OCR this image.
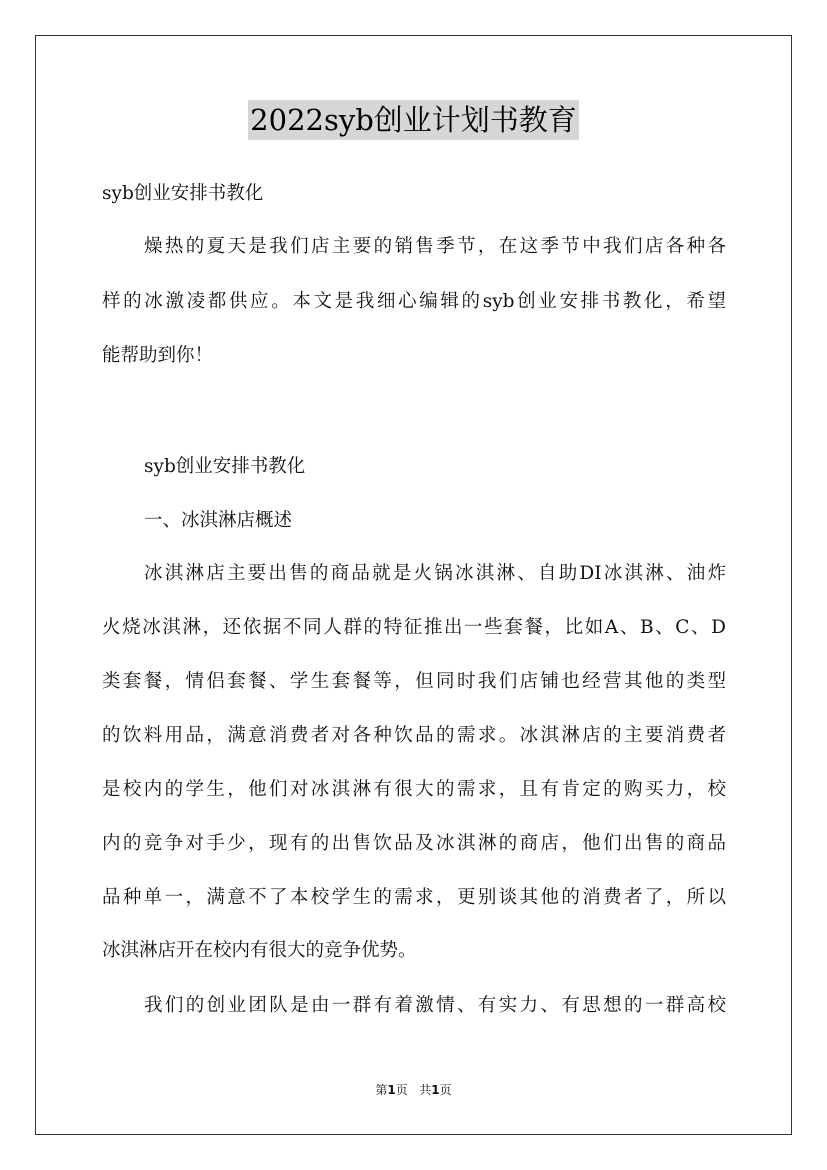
2022syb创业计划书教育
syb创业安排书教化
燥热的夏天是我们店主要的销售季节，在这季节中我们店各种各
样的冰激凌都供应。本文是我细心编辑的syb创业安排书教化，希望
能帮助到你！
syb创业安排书教化
一、冰淇淋店概述
冰淇淋店主要出售的商品就是火锅冰淇淋、自助DI冰淇淋、油炸
火烧冰淇淋，还依据不同人群的特征推出一些套餐，比如A、B、C、D
类套餐，情侣套餐、学生套餐等，但同时我们店铺也经营其他的类型
的饮料用品，满意消费者对各种饮品的需求。冰淇淋店的主要消费者
是校内的学生，他们对冰淇淋有很大的需求，且有肯定的购买力，校
内的竞争对手少，现有的出售饮品及冰淇淋的商店，他们出售的商品
品种单一，满意不了本校学生的需求，更别谈其他的消费者了，所以
冰淇淋店开在校内有很大的竞争优势。
我们的创业团队是由一群有着激情、有实力、有思想的一群高校
第1页 共1页
